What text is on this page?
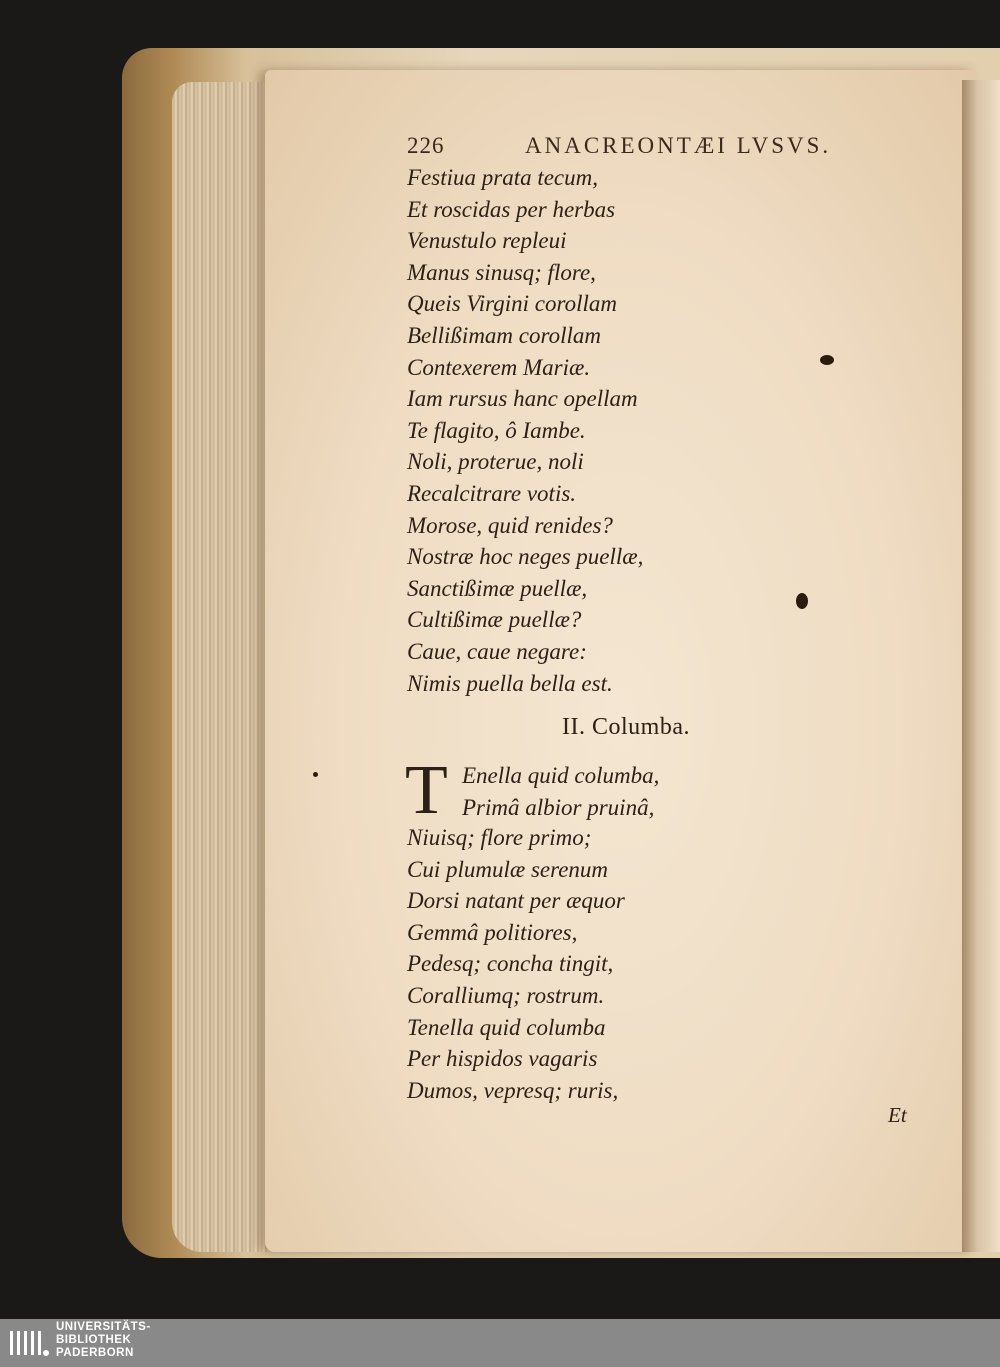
226	ANACREONTÆI LVSVS.
Festiua prata tecum,
Et roscidas per herbas
Venustulo repleui
Manus sinusq; flore,
Queis Virgini corollam
Bellißimam corollam
Contexerem Mariæ.
Iam rursus hanc opellam
Te flagito, ô Iambe.
Noli, proterue, noli
Recalcitrare votis.
Morose, quid renides?
Nostræ hoc neges puellæ,
Sanctißimæ puellæ,
Cultißimæ puellæ?
Caue, caue negare:
Nimis puella bella est.
II. Columba.
T Enella quid columba,
Primâ albior pruinâ,
Niuisq; flore primo;
Cui plumulæ serenum
Dorsi natant per æquor
Gemmâ politiores,
Pedesq; concha tingit,
Coralliumq; rostrum.
Tenella quid columba
Per hispidos vagaris
Dumos, vepresq; ruris,
Et
UNIVERSITÄTS-
BIBLIOTHEK
PADERBORN
